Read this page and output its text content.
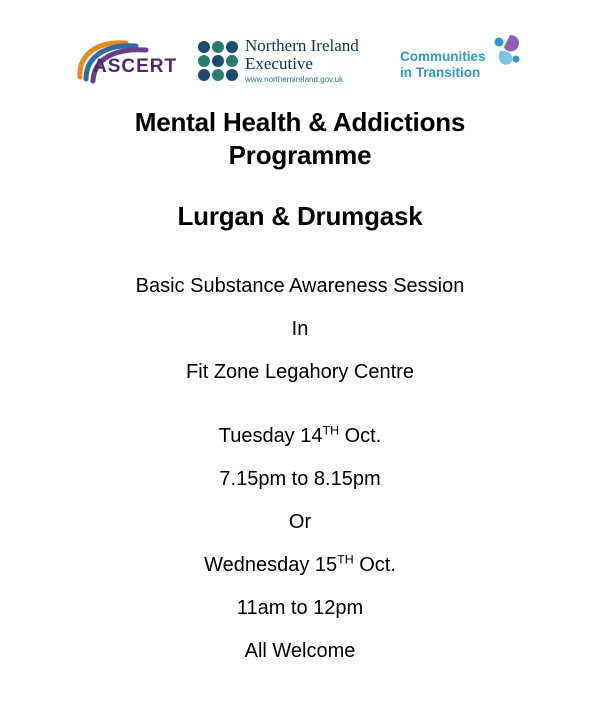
ASCERT
Northern Ireland
Executive
www.northernireland.gov.uk
Communities
in Transition
Mental Health & Addictions
Programme
Lurgan & Drumgask
Basic Substance Awareness Session
In
Fit Zone Legahory Centre
Tuesday 14TH Oct.
7.15pm to 8.15pm
Or
Wednesday 15TH Oct.
11am to 12pm
All Welcome
